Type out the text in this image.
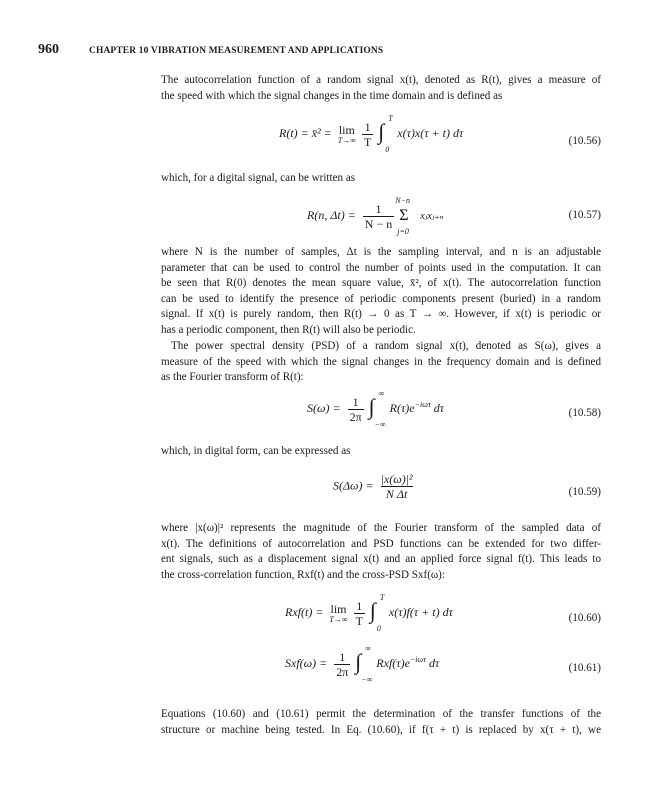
960	CHAPTER 10 VIBRATION MEASUREMENT AND APPLICATIONS
The autocorrelation function of a random signal x(t), denoted as R(t), gives a measure of
the speed with which the signal changes in the time domain and is defined as
R(t) = x̄² = lim
T→∞
$\frac{1}{T}$
∫
T
0
x(τ)x(τ + t) dτ
(10.56)
which, for a digital signal, can be written as
R(n, $\Delta t) = \frac{1}{N - n}$
Σ
N−n
j=0
xⱼxⱼ₊ₙ	(10.57)
where N is the number of samples, Δt is the sampling interval, and n is an adjustable
parameter that can be used to control the number of points used in the computation. It can
be seen that R(0) denotes the mean square value, x̄², of x(t). The autocorrelation function
can be used to identify the presence of periodic components present (buried) in a random
signal. If x(t) is purely random, then R(t) → 0 as T → ∞. However, if x(t) is periodic or
has a periodic component, then R(t) will also be periodic.
The power spectral density (PSD) of a random signal x(t), denoted as S(ω), gives a
measure of the speed with which the signal changes in the frequency domain and is defined
as the Fourier transform of R(t):
$S(\omega) = \frac{1}{2\pi}$
∫
∞
−∞
$R(\tau)e^{-i\omega\tau}$ dτ	(10.58)
which, in digital form, can be expressed as
$S(\Delta\omega) = \frac{\text{|x(ω)|²}}{\text{N Δt}}$	(10.59)
where |x(ω)|² represents the magnitude of the Fourier transform of the sampled data of
x(t). The definitions of autocorrelation and PSD functions can be extended for two differ-
ent signals, such as a displacement signal x(t) and an applied force signal f(t). This leads to
the cross-correlation function, Rxf(t) and the cross-PSD Sxf(ω):
Rxf(t) = lim
T→∞
$\frac{1}{T}$
∫
T
0
x(τ)f(τ + t) dτ	(10.60)
$Sxf(\omega) = \frac{1}{2\pi}$
∫
∞
−∞
$Rxf(\tau)e^{-i\omega\tau}$ dτ	(10.61)
Equations (10.60) and (10.61) permit the determination of the transfer functions of the
structure or machine being tested. In Eq. (10.60), if f(τ + t) is replaced by x(τ + t), we
